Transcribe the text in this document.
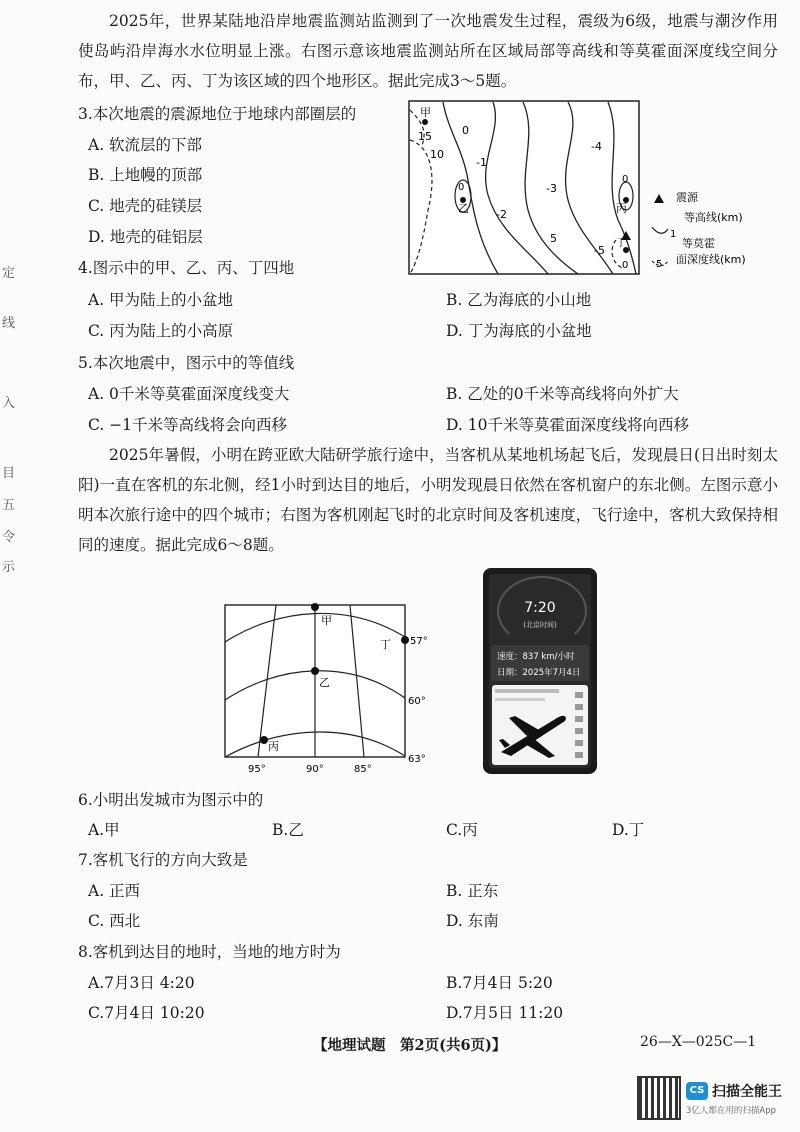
定
线
入
目
五
令
示
2025年，世界某陆地沿岸地震监测站监测到了一次地震发生过程，震级为6级，地震与潮汐作用使岛屿沿岸海水水位明显上涨。右图示意该地震监测站所在区域局部等高线和等莫霍面深度线空间分布，甲、乙、丙、丁为该区域的四个地形区。据此完成3～5题。
3.本次地震的震源地位于地球内部圈层的
A. 软流层的下部
B. 上地幔的顶部
C. 地壳的硅镁层
D. 地壳的硅铝层
甲
15	0
10
-1
0
乙 -2
-3
-4
0
丙
5
-5
丁
0
震源
1
等高线(km)
5
等莫霍
面深度线(km)
4.图示中的甲、乙、丙、丁四地
A. 甲为陆上的小盆地	B. 乙为海底的小山地
C. 丙为陆上的小高原	D. 丁为海底的小盆地
5.本次地震中，图示中的等值线
A. 0千米等莫霍面深度线变大	B. 乙处的0千米等高线将向外扩大
C. −1千米等高线将会向西移	D. 10千米等莫霍面深度线将向西移
2025年暑假，小明在跨亚欧大陆研学旅行途中，当客机从某地机场起飞后，发现晨日(日出时刻太阳)一直在客机的东北侧，经1小时到达目的地后，小明发现晨日依然在客机窗户的东北侧。左图示意小明本次旅行途中的四个城市；右图为客机刚起飞时的北京时间及客机速度，飞行途中，客机大致保持相同的速度。据此完成6～8题。
甲
乙
丙
丁 57°
60°
63°
95°	90°	85°
7:20
(北京时间)
速度：837 km/小时
日期：2025年7月4日
6.小明出发城市为图示中的
A.甲	B.乙	C.丙	D.丁
7.客机飞行的方向大致是
A. 正西	B. 正东
C. 西北	D. 东南
8.客机到达目的地时，当地的地方时为
A.7月3日 4:20	B.7月4日 5:20
C.7月4日 10:20	D.7月5日 11:20
【地理试题　第2页(共6页)】	26—X—025C—1
CS 扫描全能王
3亿人都在用的扫描App
